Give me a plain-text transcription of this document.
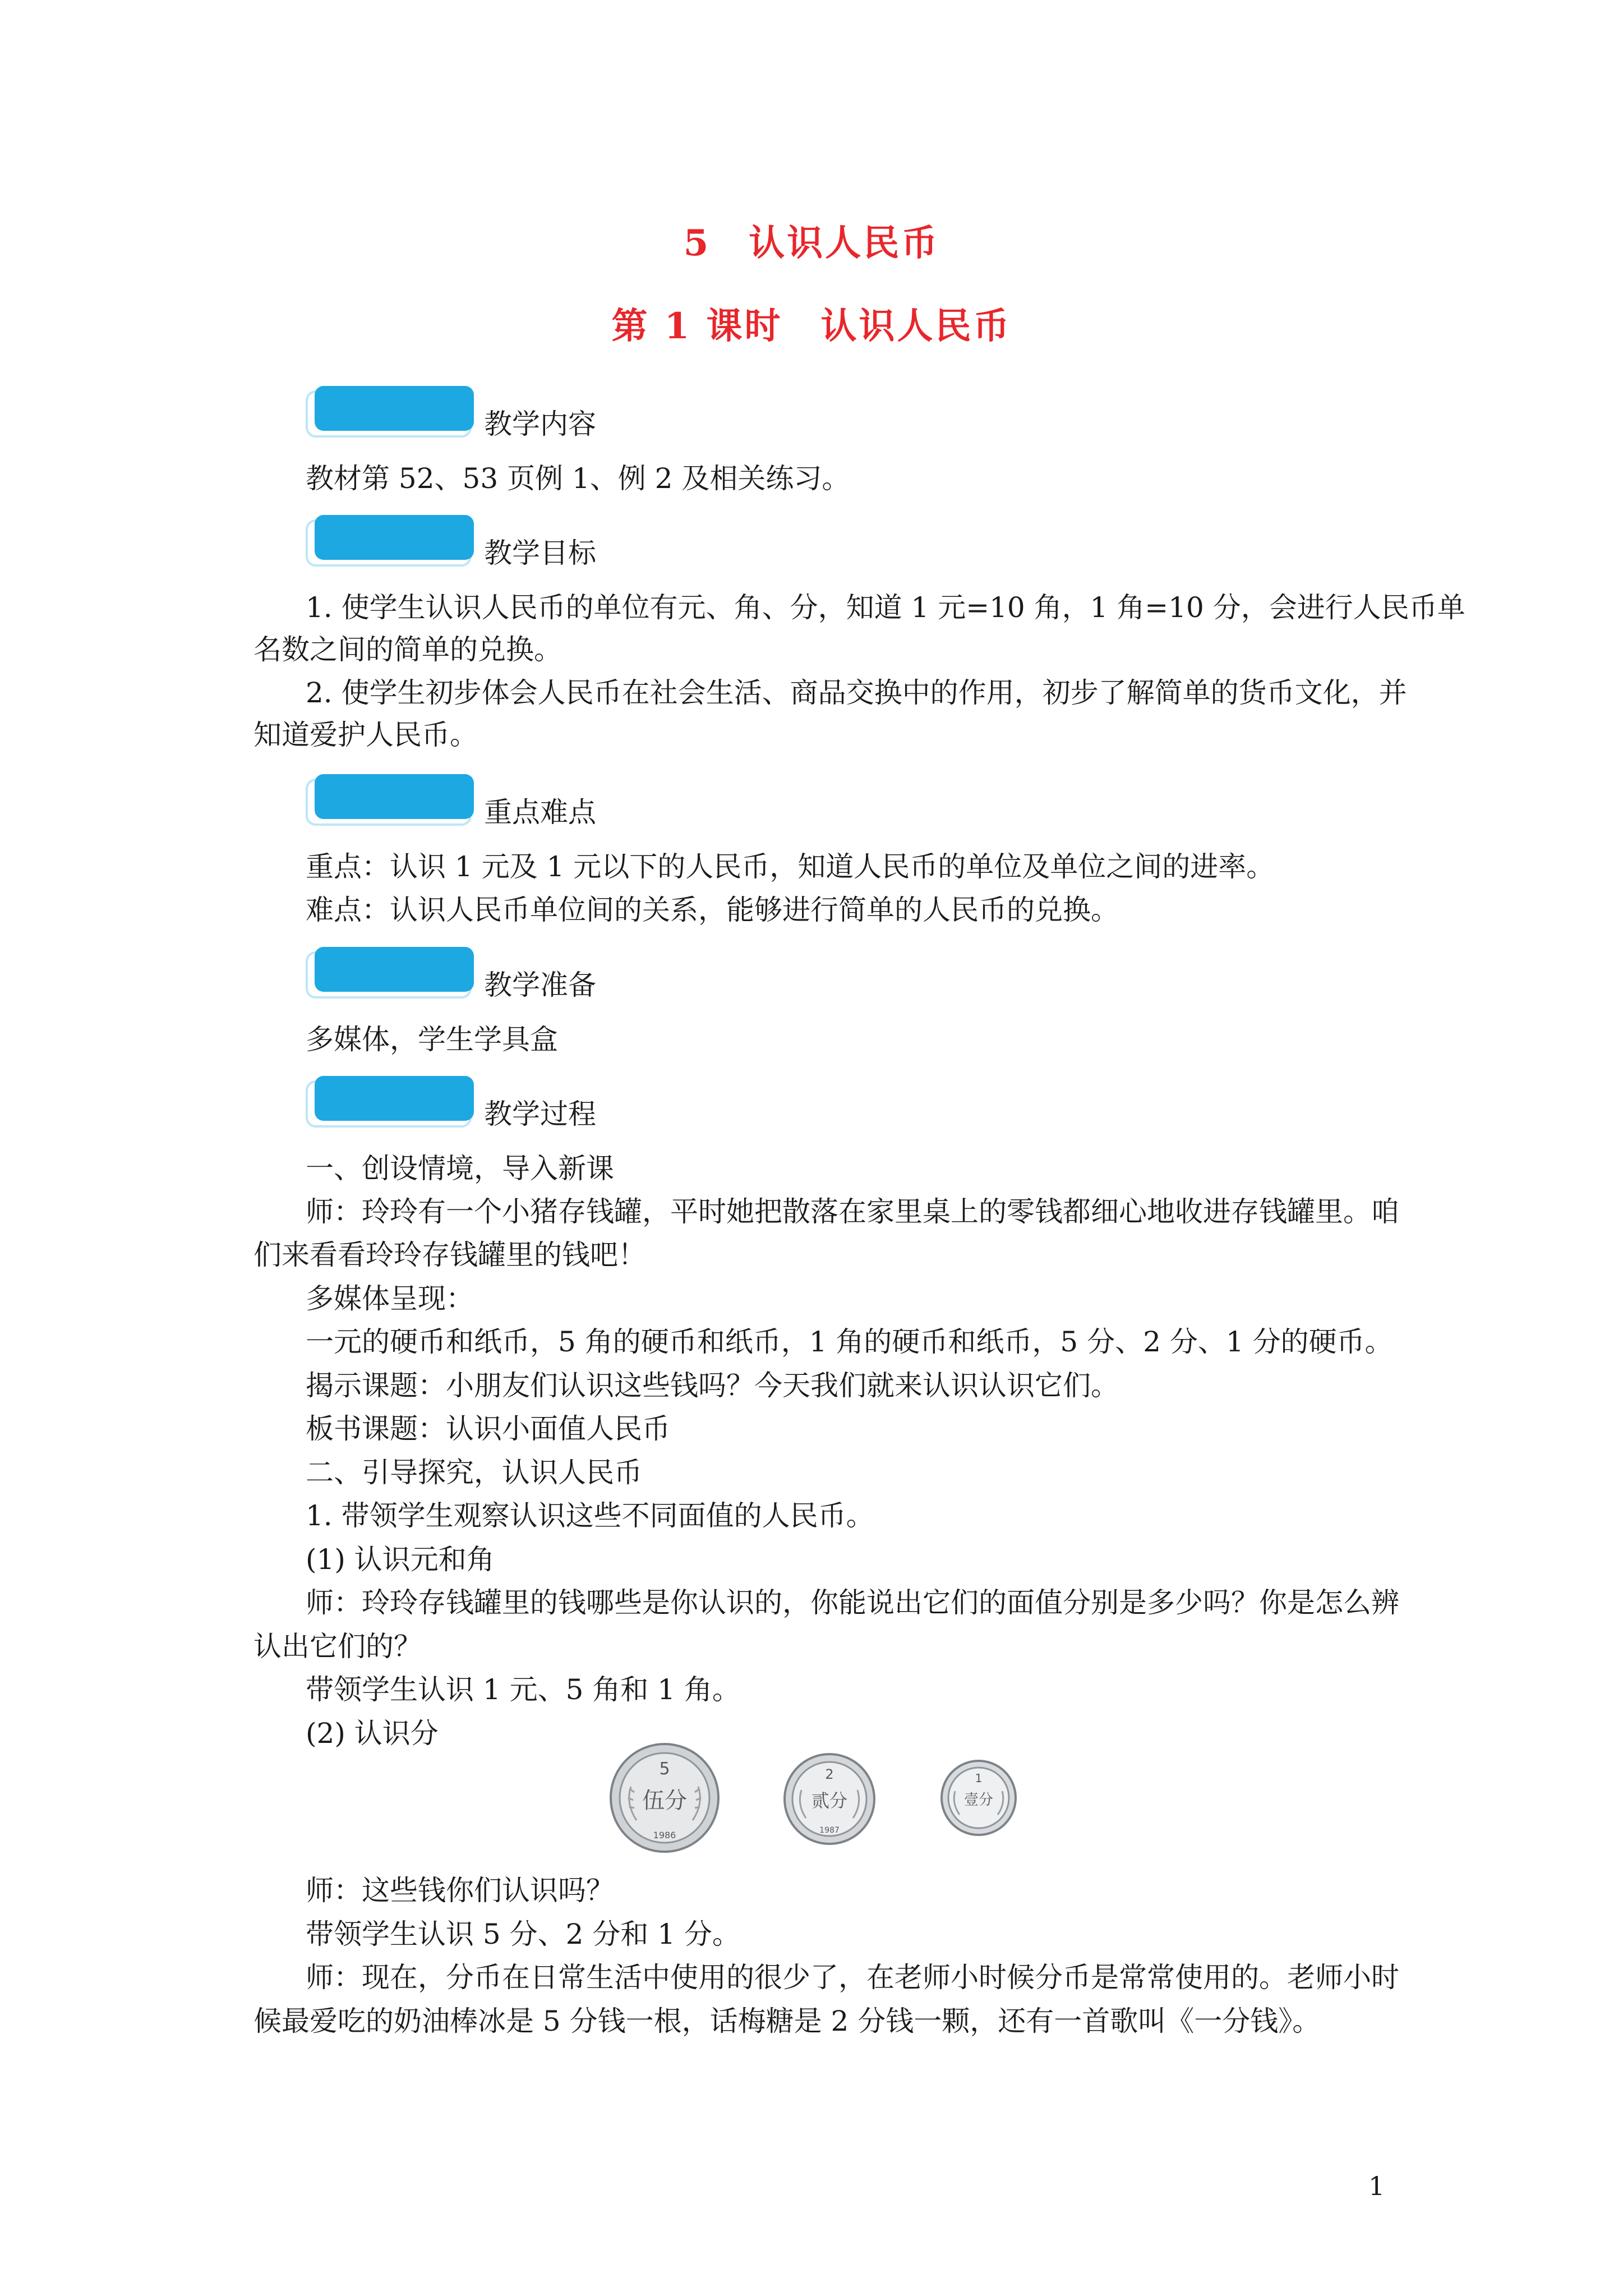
5　认识人民币
第 1 课时　认识人民币
教学内容
教材第 52、53 页例 1、例 2 及相关练习。
教学目标
1. 使学生认识人民币的单位有元、角、分，知道 1 元=10 角，1 角=10 分，会进行人民币单
名数之间的简单的兑换。
2. 使学生初步体会人民币在社会生活、商品交换中的作用，初步了解简单的货币文化，并
知道爱护人民币。
重点难点
重点：认识 1 元及 1 元以下的人民币，知道人民币的单位及单位之间的进率。
难点：认识人民币单位间的关系，能够进行简单的人民币的兑换。
教学准备
多媒体，学生学具盒
教学过程
一、创设情境，导入新课
师：玲玲有一个小猪存钱罐，平时她把散落在家里桌上的零钱都细心地收进存钱罐里。咱
们来看看玲玲存钱罐里的钱吧！
多媒体呈现：
一元的硬币和纸币，5 角的硬币和纸币，1 角的硬币和纸币，5 分、2 分、1 分的硬币。
揭示课题：小朋友们认识这些钱吗？今天我们就来认识认识它们。
板书课题：认识小面值人民币
二、引导探究，认识人民币
1. 带领学生观察认识这些不同面值的人民币。
(1) 认识元和角
师：玲玲存钱罐里的钱哪些是你认识的，你能说出它们的面值分别是多少吗？你是怎么辨
认出它们的？
带领学生认识 1 元、5 角和 1 角。
(2) 认识分
5
伍分
1986
2
贰分
1987
1
壹分
师：这些钱你们认识吗？
带领学生认识 5 分、2 分和 1 分。
师：现在，分币在日常生活中使用的很少了，在老师小时候分币是常常使用的。老师小时
候最爱吃的奶油棒冰是 5 分钱一根，话梅糖是 2 分钱一颗，还有一首歌叫《一分钱》。
1
